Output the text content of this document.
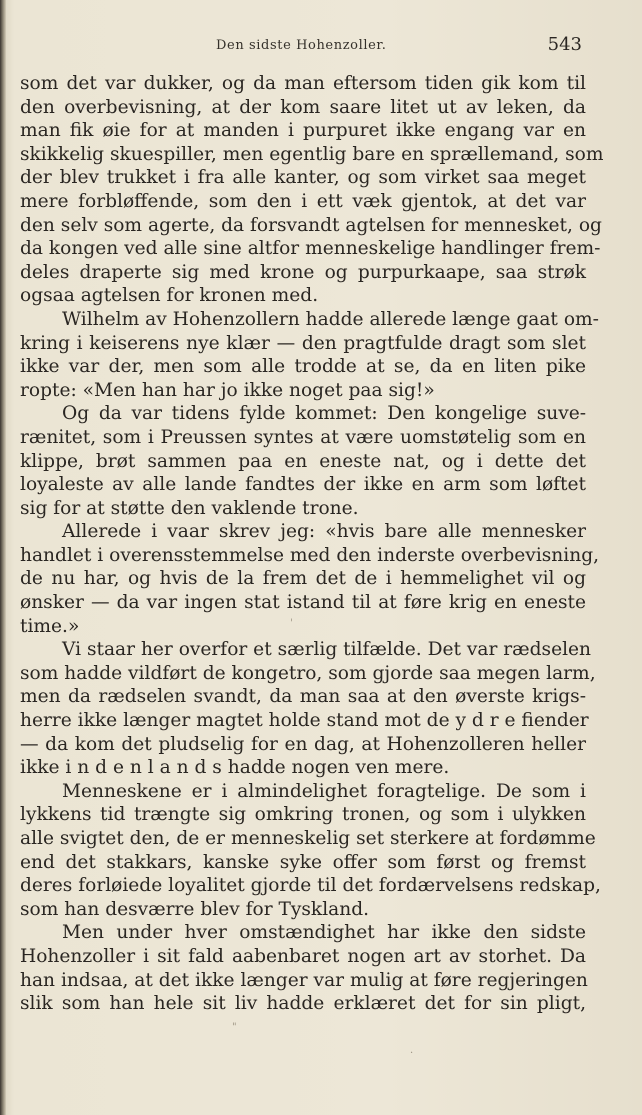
Den sidste Hohenzoller.	543
som det var dukker, og da man eftersom tiden gik kom til
den overbevisning, at der kom saare litet ut av leken, da
man fik øie for at manden i purpuret ikke engang var en
skikkelig skuespiller, men egentlig bare en sprællemand, som
der blev trukket i fra alle kanter, og som virket saa meget
mere forbløffende, som den i ett væk gjentok, at det var
den selv som agerte, da forsvandt agtelsen for mennesket, og
da kongen ved alle sine altfor menneskelige handlinger frem-
deles draperte sig med krone og purpurkaape, saa strøk
ogsaa agtelsen for kronen med.
Wilhelm av Hohenzollern hadde allerede længe gaat om-
kring i keiserens nye klær — den pragtfulde dragt som slet
ikke var der, men som alle trodde at se, da en liten pike
ropte: «Men han har jo ikke noget paa sig!»
Og da var tidens fylde kommet: Den kongelige suve-
rænitet, som i Preussen syntes at være uomstøtelig som en
klippe, brøt sammen paa en eneste nat, og i dette det
loyaleste av alle lande fandtes der ikke en arm som løftet
sig for at støtte den vaklende trone.
Allerede i vaar skrev jeg: «hvis bare alle mennesker
handlet i overensstemmelse med den inderste overbevisning,
de nu har, og hvis de la frem det de i hemmelighet vil og
ønsker — da var ingen stat istand til at føre krig en eneste
time.»
Vi staar her overfor et særlig tilfælde. Det var rædselen
som hadde vildført de kongetro, som gjorde saa megen larm,
men da rædselen svandt, da man saa at den øverste krigs-
herre ikke længer magtet holde stand mot de y d r e fiender
— da kom det pludselig for en dag, at Hohenzolleren heller
ikke i n d e n l a n d s hadde nogen ven mere.
Menneskene er i almindelighet foragtelige. De som i
lykkens tid trængte sig omkring tronen, og som i ulykken
alle svigtet den, de er menneskelig set sterkere at fordømme
end det stakkars, kanske syke offer som først og fremst
deres forløiede loyalitet gjorde til det fordærvelsens redskap,
som han desværre blev for Tyskland.
Men under hver omstændighet har ikke den sidste
Hohenzoller i sit fald aabenbaret nogen art av storhet. Da
han indsaa, at det ikke længer var mulig at føre regjeringen
slik som han hele sit liv hadde erklæret det for sin pligt,
'
"
·
